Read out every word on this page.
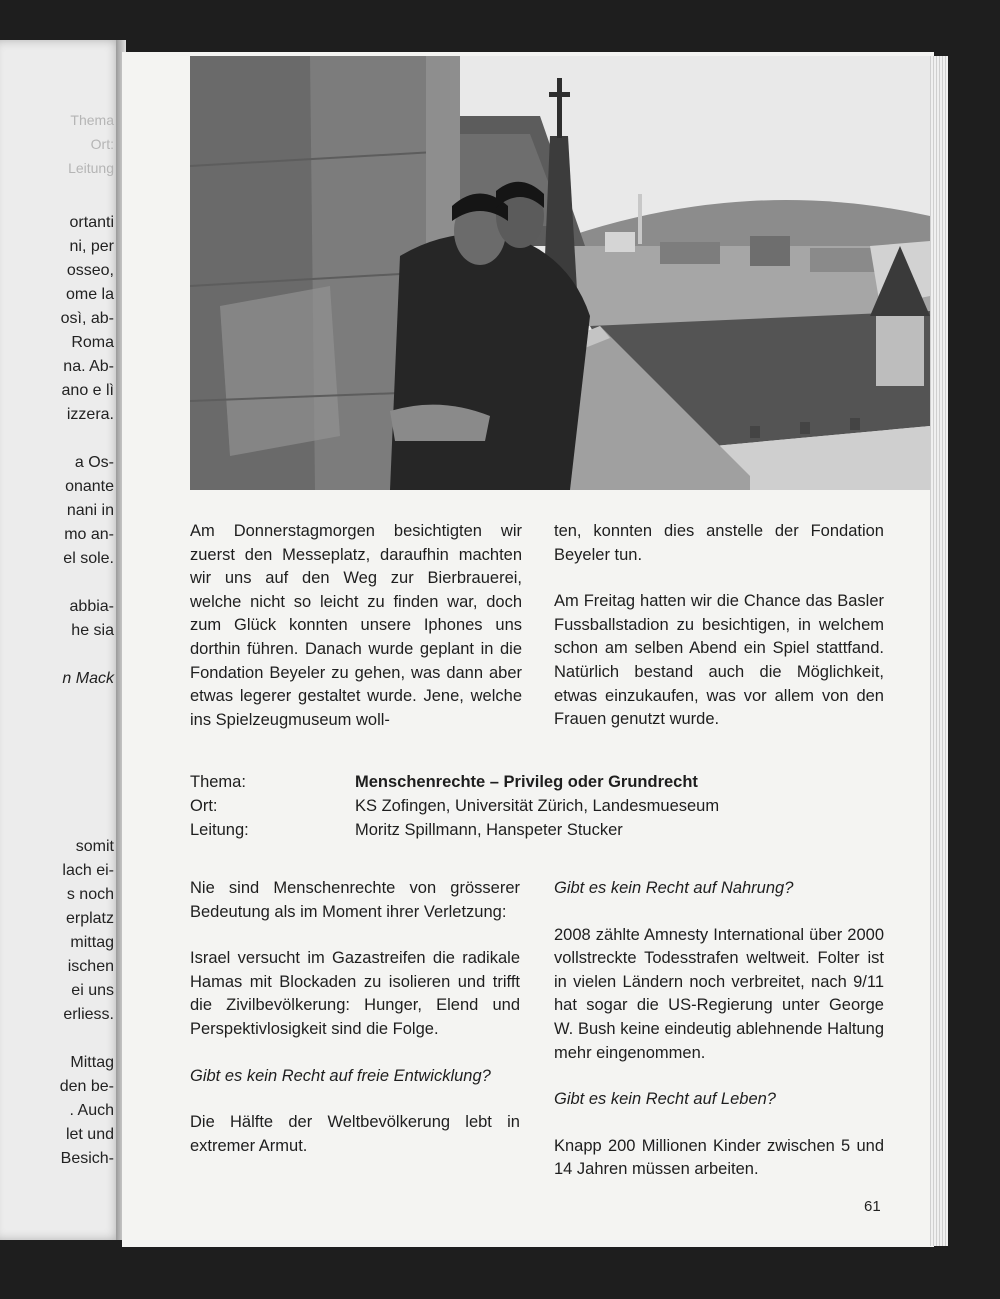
Thema
Ort:
Leitung
ortanti
ni, per
osseo,
ome la
osì, ab-
Roma
na. Ab-
ano e lì
izzera.
a Os-
onante
nani in
mo an-
el sole.
abbia-
he sia
n Mack
somit
lach ei-
s noch
erplatz
mittag
ischen
ei uns
erliess.
Mittag
den be-
. Auch
let und
Besich-

Am Donnerstagmorgen besichtigten wir zuerst den Messeplatz, daraufhin machten wir uns auf den Weg zur Bierbrauerei, welche nicht so leicht zu finden war, doch zum Glück konnten unsere Iphones uns dorthin führen. Danach wurde geplant in die Fondation Beyeler zu gehen, was dann aber etwas legerer gestaltet wurde. Jene, welche ins Spielzeugmuseum woll-

ten, konnten dies anstelle der Fondation Beyeler tun.

Am Freitag hatten wir die Chance das Basler Fussballstadion zu besichtigen, in welchem schon am selben Abend ein Spiel stattfand. Natürlich bestand auch die Möglichkeit, etwas einzukaufen, was vor allem von den Frauen genutzt wurde.

Thema:	Menschenrechte – Privileg oder Grundrecht
Ort:	KS Zofingen, Universität Zürich, Landesmueseum
Leitung:	Moritz Spillmann, Hanspeter Stucker

Nie sind Menschenrechte von grösserer Bedeutung als im Moment ihrer Verletzung:

Israel versucht im Gazastreifen die radikale Hamas mit Blockaden zu isolieren und trifft die Zivilbevölkerung: Hunger, Elend und Perspektivlosigkeit sind die Folge.

Gibt es kein Recht auf freie Entwicklung?

Die Hälfte der Weltbevölkerung lebt in extremer Armut.

Gibt es kein Recht auf Nahrung?

2008 zählte Amnesty International über 2000 vollstreckte Todesstrafen weltweit. Folter ist in vielen Ländern noch verbreitet, nach 9/11 hat sogar die US-Regierung unter George W. Bush keine eindeutig ablehnende Haltung mehr eingenommen.

Gibt es kein Recht auf Leben?

Knapp 200 Millionen Kinder zwischen 5 und 14 Jahren müssen arbeiten.

61
